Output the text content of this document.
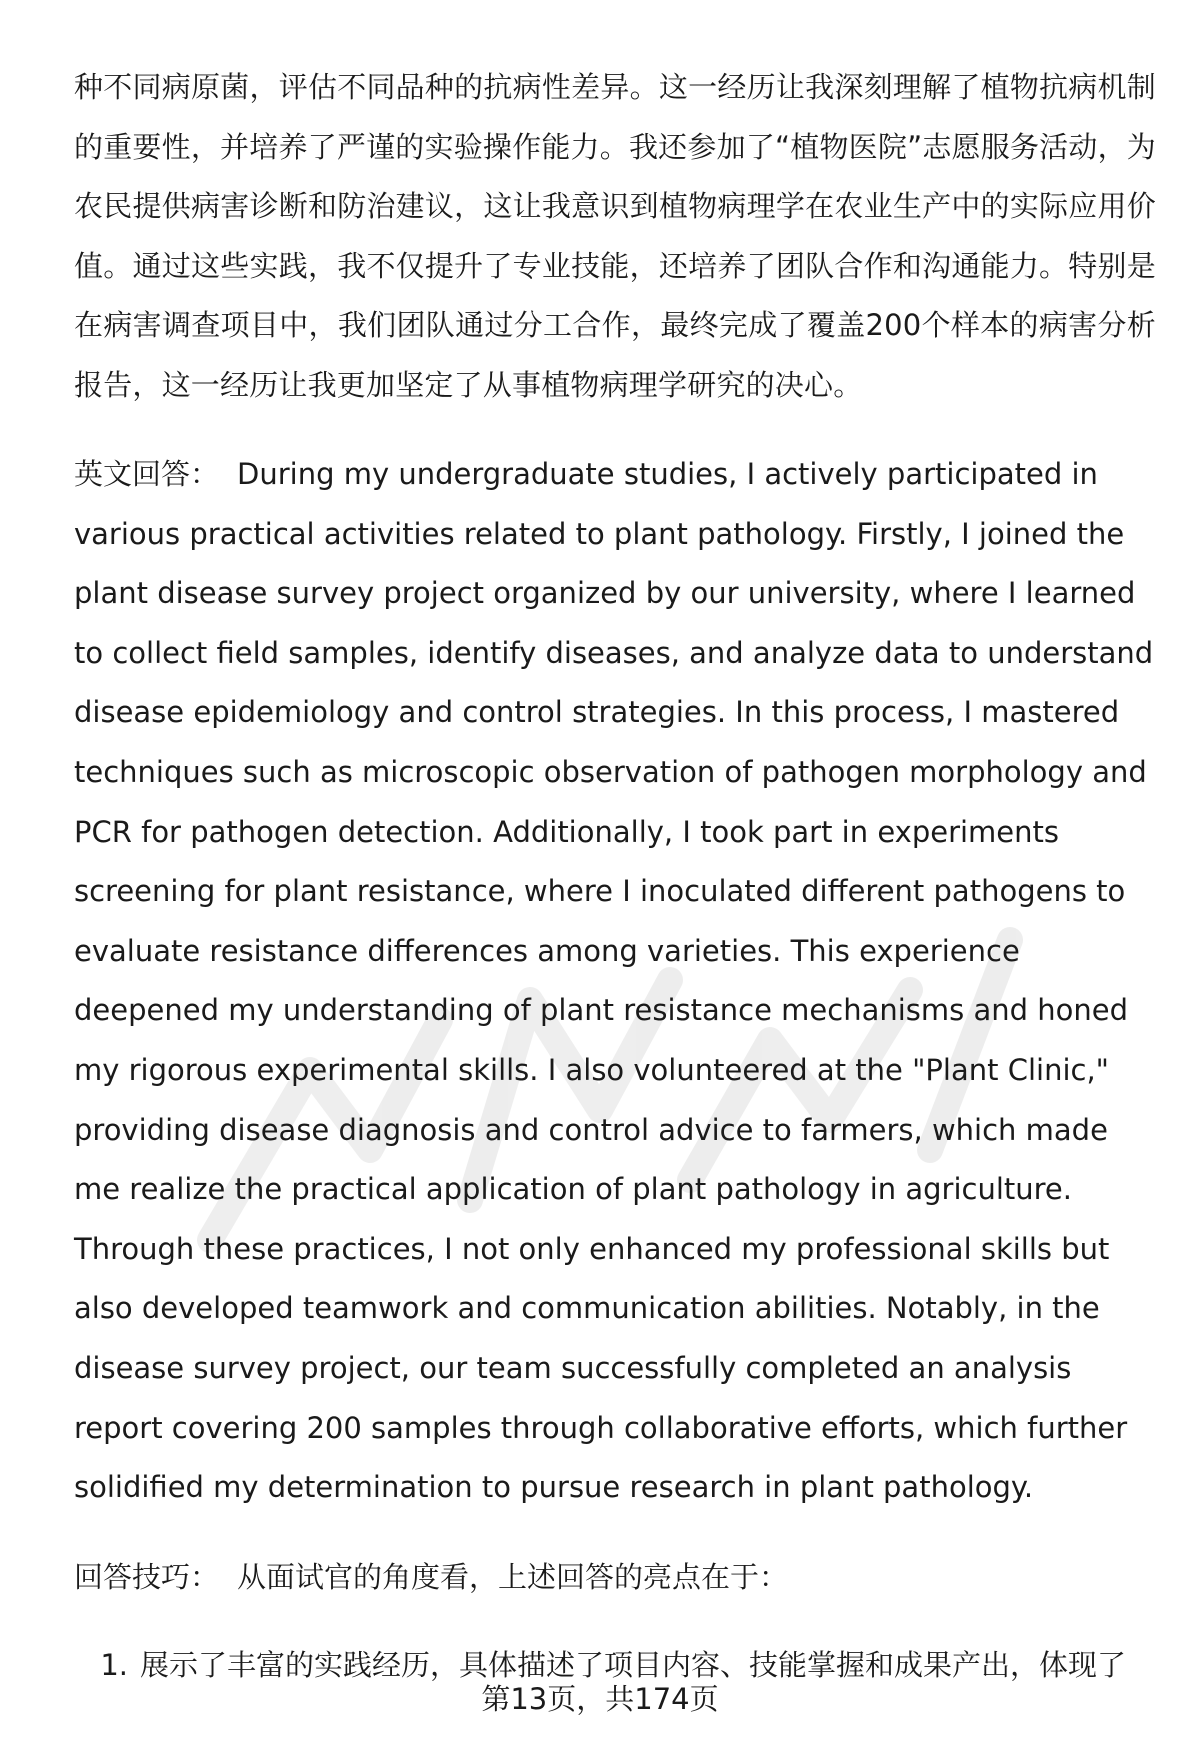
种不同病原菌，评估不同品种的抗病性差异。这一经历让我深刻理解了植物抗病机制的重要性，并培养了严谨的实验操作能力。我还参加了“植物医院”志愿服务活动，为农民提供病害诊断和防治建议，这让我意识到植物病理学在农业生产中的实际应用价值。通过这些实践，我不仅提升了专业技能，还培养了团队合作和沟通能力。特别是在病害调查项目中，我们团队通过分工合作，最终完成了覆盖200个样本的病害分析报告，这一经历让我更加坚定了从事植物病理学研究的决心。

英文回答： During my undergraduate studies, I actively participated in various practical activities related to plant pathology. Firstly, I joined the plant disease survey project organized by our university, where I learned to collect field samples, identify diseases, and analyze data to understand disease epidemiology and control strategies. In this process, I mastered techniques such as microscopic observation of pathogen morphology and PCR for pathogen detection. Additionally, I took part in experiments screening for plant resistance, where I inoculated different pathogens to evaluate resistance differences among varieties. This experience deepened my understanding of plant resistance mechanisms and honed my rigorous experimental skills. I also volunteered at the "Plant Clinic," providing disease diagnosis and control advice to farmers, which made me realize the practical application of plant pathology in agriculture. Through these practices, I not only enhanced my professional skills but also developed teamwork and communication abilities. Notably, in the disease survey project, our team successfully completed an analysis report covering 200 samples through collaborative efforts, which further solidified my determination to pursue research in plant pathology.

回答技巧： 从面试官的角度看，上述回答的亮点在于：

1. 展示了丰富的实践经历，具体描述了项目内容、技能掌握和成果产出，体现了
第13页，共174页
